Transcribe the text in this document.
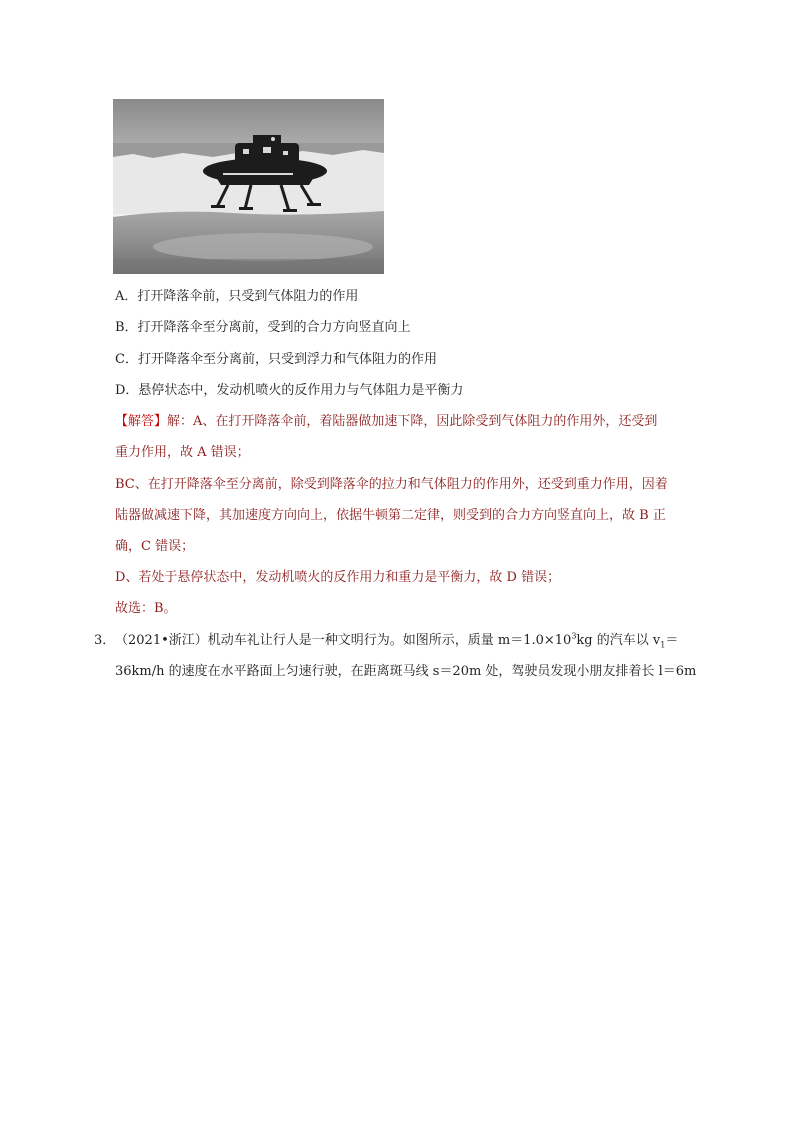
A．打开降落伞前，只受到气体阻力的作用
B．打开降落伞至分离前，受到的合力方向竖直向上
C．打开降落伞至分离前，只受到浮力和气体阻力的作用
D．悬停状态中，发动机喷火的反作用力与气体阻力是平衡力
【解答】解：A、在打开降落伞前，着陆器做加速下降，因此除受到气体阻力的作用外，还受到
重力作用，故 A 错误；
BC、在打开降落伞至分离前，除受到降落伞的拉力和气体阻力的作用外，还受到重力作用，因着
陆器做减速下降，其加速度方向向上，依据牛顿第二定律，则受到的合力方向竖直向上，故 B 正
确，C 错误；
D、若处于悬停状态中，发动机喷火的反作用力和重力是平衡力，故 D 错误；
故选：B。
3． （2021•浙江）机动车礼让行人是一种文明行为。如图所示，质量 $m=1.0\times 10^3kg$ 的汽车以 $v_1=$
36km/h 的速度在水平路面上匀速行驶，在距离斑马线 s＝20m 处，驾驶员发现小朋友排着长 l＝6m
